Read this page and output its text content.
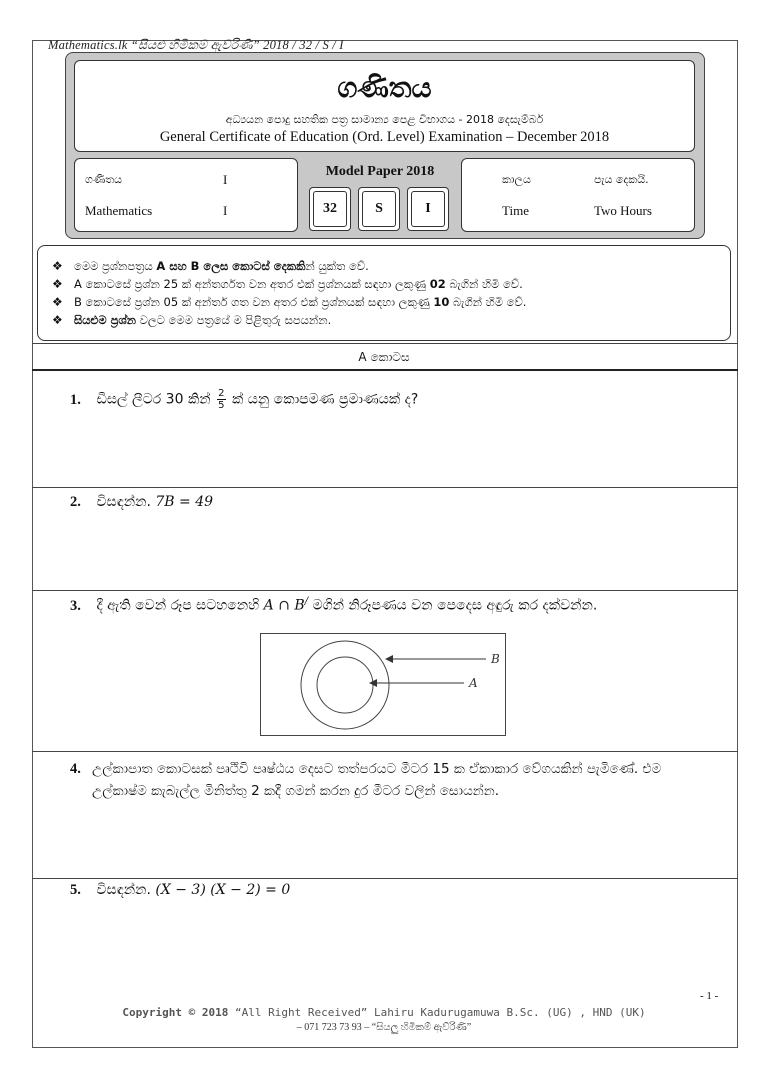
Mathematics.lk “සියළු හිමිකම් ඇව්රිණි” 2018 / 32 / S / I
ගණිතය
අධ්‍යයන පොදු සහතික පත්‍ර සාමාන්‍ය පෙළ විභාගය - 2018 දෙසැම්බර්
General Certificate of Education (Ord. Level) Examination – December 2018
ගණිතය	I
Mathematics	I
Model Paper 2018
32	S	I
කාලය	පැය දෙකයි.
Time	Two Hours
❖ මෙම ප්‍රශ්නපත්‍රය A සහ B ලෙස කොටස් දෙකකින් යුක්ත වේ.
❖ A කොටසේ ප්‍රශ්න 25 ක් අන්තර්ගත වන අතර එක් ප්‍රශ්නයක් සඳහා ලකුණු 02 බැගින් හිමි වේ.
❖ B කොටසේ ප්‍රශ්න 05 ක් අන්තර් ගත වන අතර එක් ප්‍රශ්නයක් සඳහා ලකුණු 10 බැගින් හිමි වේ.
❖ සියළුම ප්‍රශ්න වලට මෙම පත්‍රයේ ම පිළිතුරු සපයන්න.
A කොටස
1. ඩීසල් ලීටර 30 කින් $\frac{2}{5}$ ක් යනු කොපමණ ප්‍රමාණයක් ද?
2. විසඳන්න. 7B = 49
3. දී ඇති වෙන් රූප සටහනෙහි A ∩ B/ මගින් නිරූපණය වන පෙදෙස අඳුරු කර දක්වන්න.
B
A
4. උල්කාපාත කොටසක් පෘථිවි පෘෂ්ඨය දෙසට තත්පරයට මීටර 15 ක ඒකාකාර වේගයකින් පැමිණේ. එම
උල්කාෂ්ම කැබැල්ල මිනිත්තු 2 කදී ගමන් කරන දුර මීටර වලින් සොයන්න.
5. විසඳන්න. (X − 3) (X − 2) = 0
- 1 -
Copyright © 2018 “All Right Received” Lahiru Kadurugamuwa B.Sc. (UG) , HND (UK)
– 071 723 73 93 – “සියලු හිමිකම් ඇව්රිණි”
